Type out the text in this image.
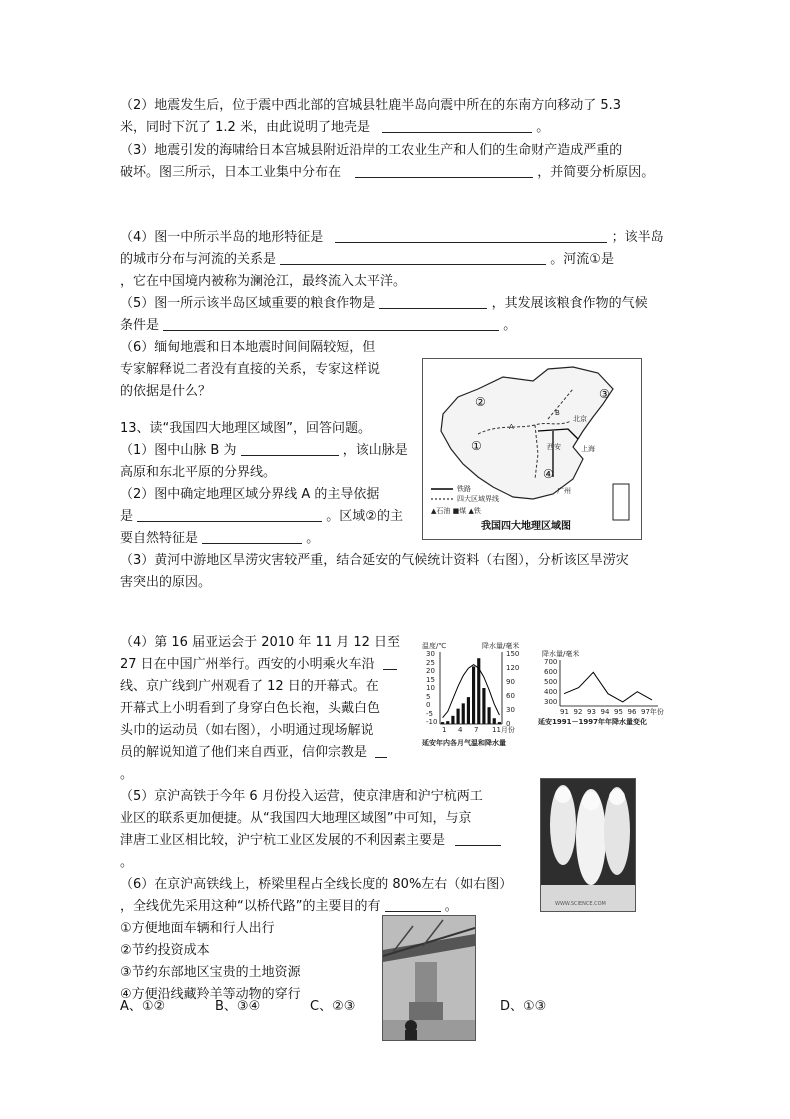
（2）地震发生后，位于震中西北部的宫城县牡鹿半岛向震中所在的东南方向移动了 5.3
米，同时下沉了 1.2 米，由此说明了地壳是	。
（3）地震引发的海啸给日本宫城县附近沿岸的工农业生产和人们的生命财产造成严重的
破坏。图三所示，日本工业集中分布在	，并简要分析原因。
（4）图一中所示半岛的地形特征是	；该半岛
的城市分布与河流的关系是	。河流①是
，它在中国境内被称为澜沧江，最终流入太平洋。
（5）图一所示该半岛区域重要的粮食作物是	，其发展该粮食作物的气候
条件是	。
（6）缅甸地震和日本地震时间间隔较短，但
专家解释说二者没有直接的关系，专家这样说
的依据是什么？
13、读“我国四大地理区域图”，回答问题。
（1）图中山脉 B 为	，该山脉是
高原和东北平原的分界线。
（2）图中确定地理区域分界线 A 的主导依据
是	。区域②的主
要自然特征是	。
（3）黄河中游地区旱涝灾害较严重，结合延安的气候统计资料（右图），分析该区旱涝灾
害突出的原因。
（4）第 16 届亚运会于 2010 年 11 月 12 日至
27 日在中国广州举行。西安的小明乘火车沿
线、京广线到广州观看了 12 日的开幕式。在
开幕式上小明看到了身穿白色长袍，头戴白色
头巾的运动员（如右图），小明通过现场解说
员的解说知道了他们来自西亚，信仰宗教是
。
（5）京沪高铁于今年 6 月份投入运营，使京津唐和沪宁杭两工
业区的联系更加便捷。从“我国四大地理区域图”中可知，与京
津唐工业区相比较，沪宁杭工业区发展的不利因素主要是
。
（6）在京沪高铁线上，桥梁里程占全线长度的 80%左右（如右图）
，全线优先采用这种“以桥代路”的主要目的有	。
①方便地面车辆和行人出行
②节约投资成本
③节约东部地区宝贵的土地资源
④方便沿线藏羚羊等动物的穿行
A、①②	B、③④	C、②③	D、①③
②
①
③
④
A
B
西安
北京
上海
广州
铁路
四大区域界线
▲石油 ■煤 ▲铁
我国四大地理区域图
温度/℃	降水量/毫米
30
25
20
15
10
5
0
-5
-10
150
120
90
60
30
0
1 4 7 11月份
延安年内各月气温和降水量
降水量/毫米
700
600
500
400
300
91 92 93 94 95 96 97年份
延安1991－1997年年降水量变化
WWW.SCIENCE.COM
